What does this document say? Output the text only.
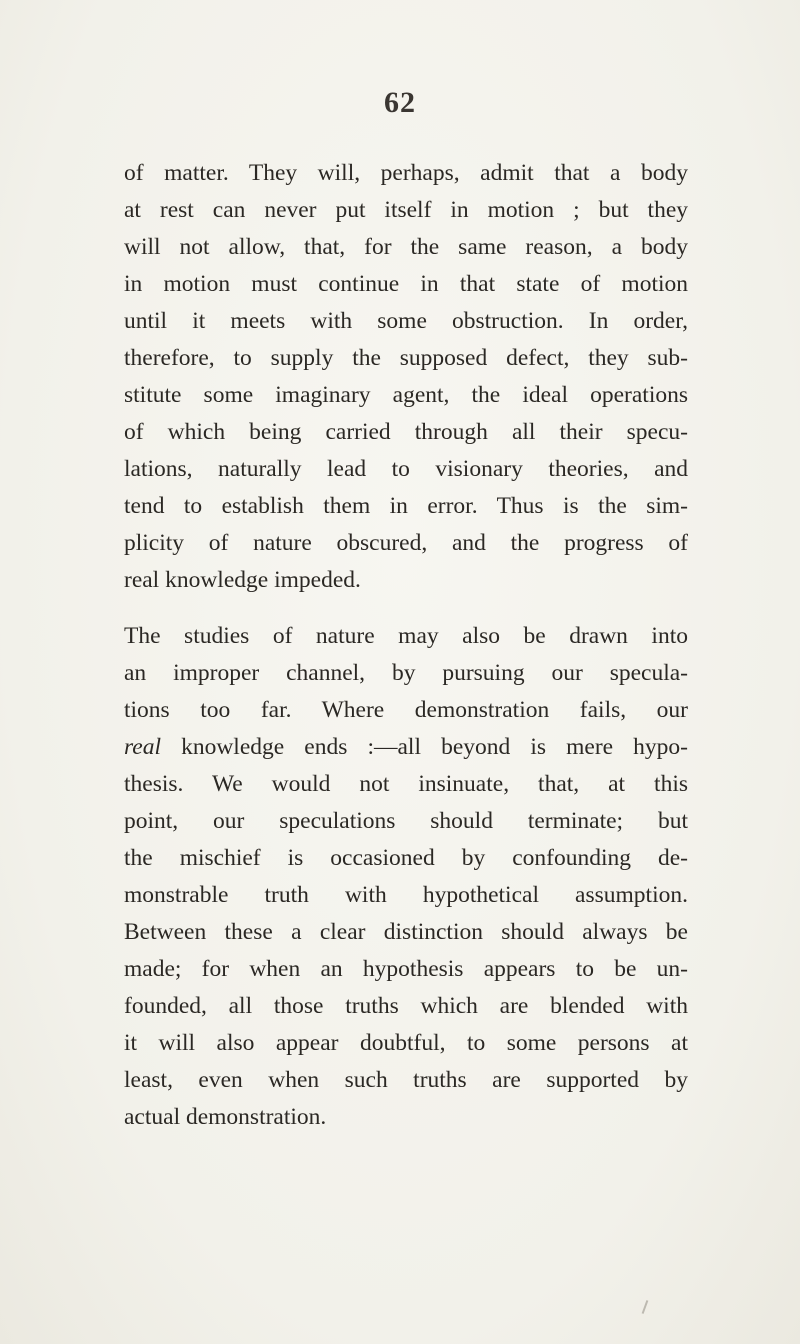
62
of matter. They will, perhaps, admit that a body
at rest can never put itself in motion ; but they
will not allow, that, for the same reason, a body
in motion must continue in that state of motion
until it meets with some obstruction. In order,
therefore, to supply the supposed defect, they sub-
stitute some imaginary agent, the ideal operations
of which being carried through all their specu-
lations, naturally lead to visionary theories, and
tend to establish them in error. Thus is the sim-
plicity of nature obscured, and the progress of
real knowledge impeded.
The studies of nature may also be drawn into
an improper channel, by pursuing our specula-
tions too far. Where demonstration fails, our
real knowledge ends :—all beyond is mere hypo-
thesis. We would not insinuate, that, at this
point, our speculations should terminate; but
the mischief is occasioned by confounding de-
monstrable truth with hypothetical assumption.
Between these a clear distinction should always be
made; for when an hypothesis appears to be un-
founded, all those truths which are blended with
it will also appear doubtful, to some persons at
least, even when such truths are supported by
actual demonstration.
